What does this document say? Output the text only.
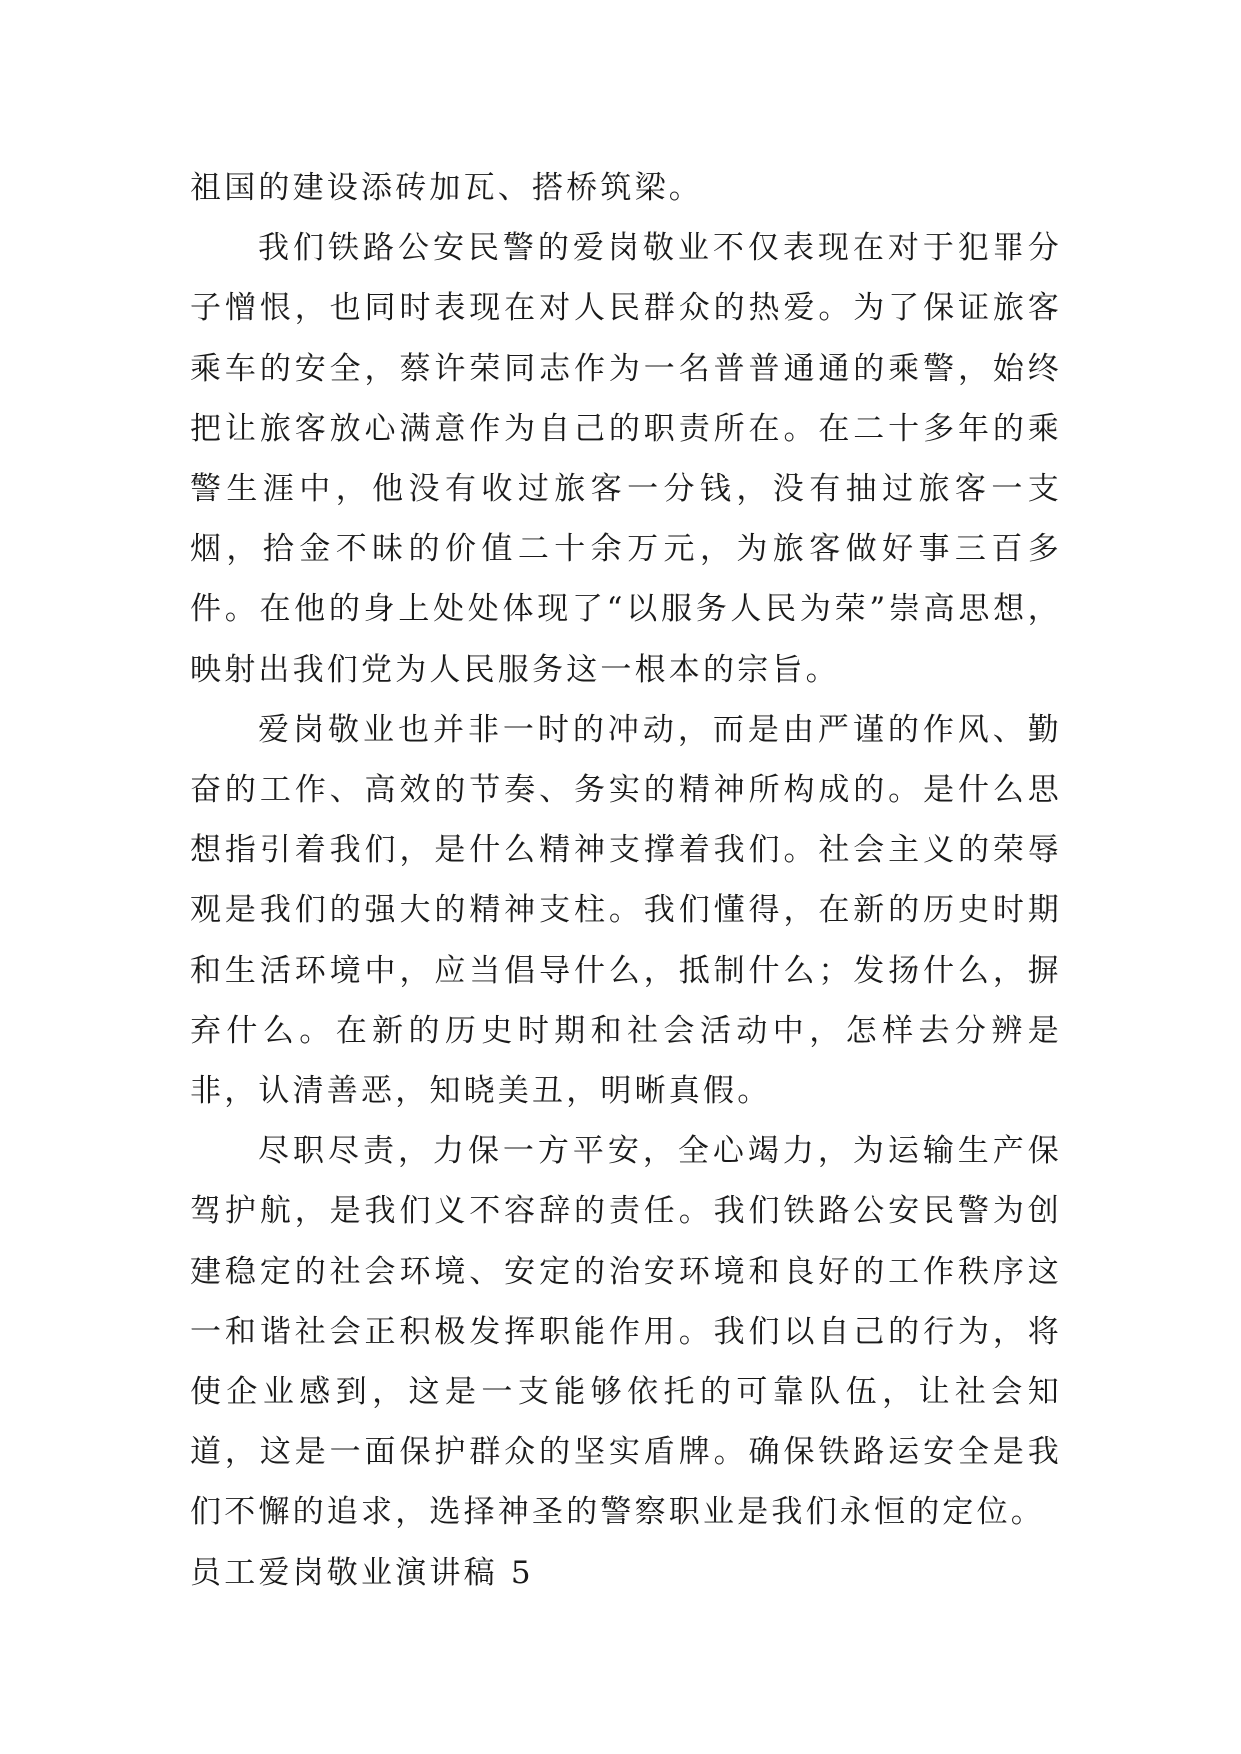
祖国的建设添砖加瓦、搭桥筑梁。

我们铁路公安民警的爱岗敬业不仅表现在对于犯罪分子憎恨，也同时表现在对人民群众的热爱。为了保证旅客乘车的安全，蔡许荣同志作为一名普普通通的乘警，始终把让旅客放心满意作为自己的职责所在。在二十多年的乘警生涯中，他没有收过旅客一分钱，没有抽过旅客一支烟，拾金不昧的价值二十余万元，为旅客做好事三百多件。在他的身上处处体现了“以服务人民为荣”崇高思想，映射出我们党为人民服务这一根本的宗旨。

爱岗敬业也并非一时的冲动，而是由严谨的作风、勤奋的工作、高效的节奏、务实的精神所构成的。是什么思想指引着我们，是什么精神支撑着我们。社会主义的荣辱观是我们的强大的精神支柱。我们懂得，在新的历史时期和生活环境中，应当倡导什么，抵制什么；发扬什么，摒弃什么。在新的历史时期和社会活动中，怎样去分辨是非，认清善恶，知晓美丑，明晰真假。

尽职尽责，力保一方平安，全心竭力，为运输生产保驾护航，是我们义不容辞的责任。我们铁路公安民警为创建稳定的社会环境、安定的治安环境和良好的工作秩序这一和谐社会正积极发挥职能作用。我们以自己的行为，将使企业感到，这是一支能够依托的可靠队伍，让社会知道，这是一面保护群众的坚实盾牌。确保铁路运安全是我们不懈的追求，选择神圣的警察职业是我们永恒的定位。

员工爱岗敬业演讲稿 5
